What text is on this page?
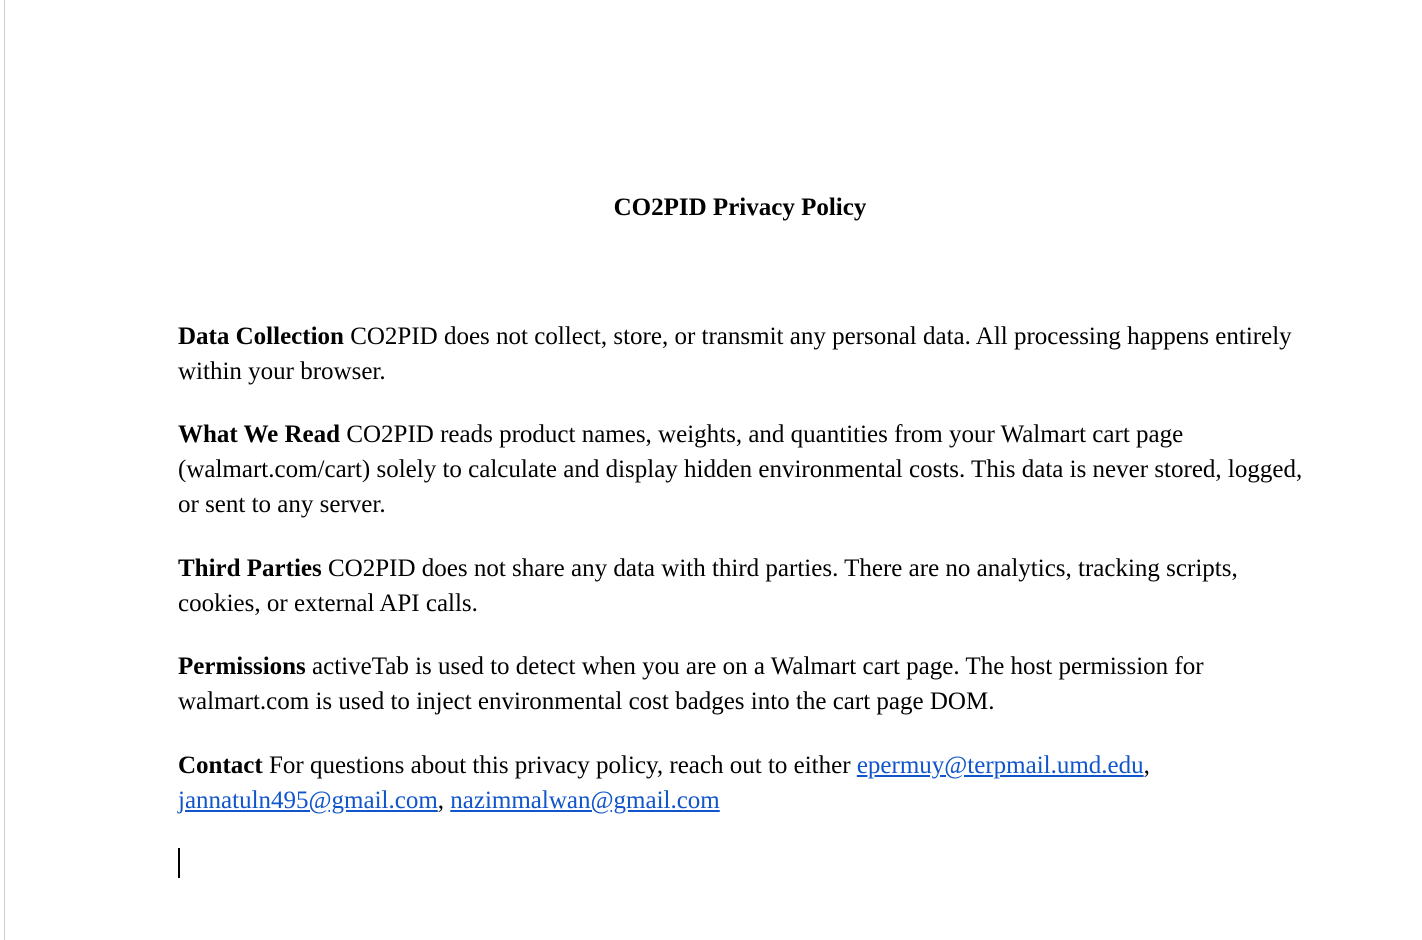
CO2PID Privacy Policy

Data Collection CO2PID does not collect, store, or transmit any personal data. All processing happens entirely within your browser.

What We Read CO2PID reads product names, weights, and quantities from your Walmart cart page (walmart.com/cart) solely to calculate and display hidden environmental costs. This data is never stored, logged, or sent to any server.

Third Parties CO2PID does not share any data with third parties. There are no analytics, tracking scripts, cookies, or external API calls.

Permissions activeTab is used to detect when you are on a Walmart cart page. The host permission for walmart.com is used to inject environmental cost badges into the cart page DOM.

Contact For questions about this privacy policy, reach out to either epermuy@terpmail.umd.edu, jannatuln495@gmail.com, nazimmalwan@gmail.com
